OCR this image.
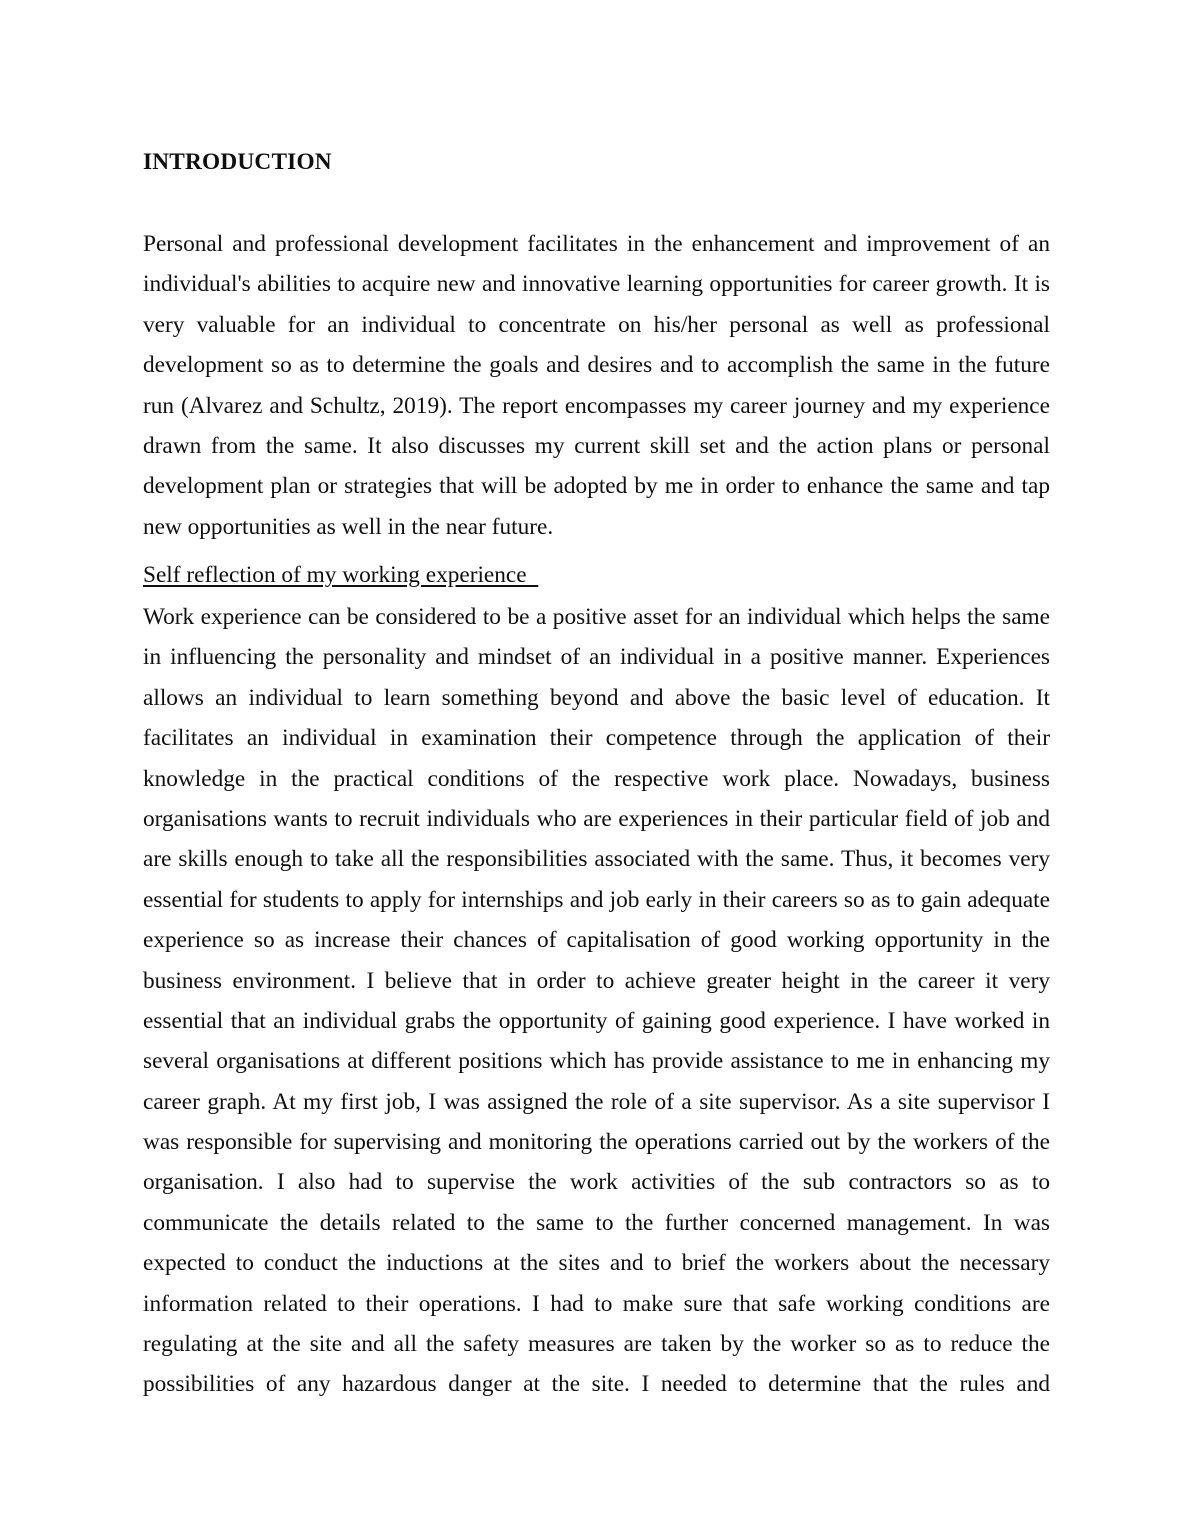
INTRODUCTION
Personal and professional development facilitates in the enhancement and improvement of an
individual's abilities to acquire new and innovative learning opportunities for career growth. It is
very valuable for an individual to concentrate on his/her personal as well as professional
development so as to determine the goals and desires and to accomplish the same in the future
run (Alvarez and Schultz, 2019). The report encompasses my career journey and my experience
drawn from the same. It also discusses my current skill set and the action plans or personal
development plan or strategies that will be adopted by me in order to enhance the same and tap
new opportunities as well in the near future.
Self reflection of my working experience
Work experience can be considered to be a positive asset for an individual which helps the same
in influencing the personality and mindset of an individual in a positive manner. Experiences
allows an individual to learn something beyond and above the basic level of education. It
facilitates an individual in examination their competence through the application of their
knowledge in the practical conditions of the respective work place. Nowadays, business
organisations wants to recruit individuals who are experiences in their particular field of job and
are skills enough to take all the responsibilities associated with the same. Thus, it becomes very
essential for students to apply for internships and job early in their careers so as to gain adequate
experience so as increase their chances of capitalisation of good working opportunity in the
business environment. I believe that in order to achieve greater height in the career it very
essential that an individual grabs the opportunity of gaining good experience. I have worked in
several organisations at different positions which has provide assistance to me in enhancing my
career graph. At my first job, I was assigned the role of a site supervisor. As a site supervisor I
was responsible for supervising and monitoring the operations carried out by the workers of the
organisation. I also had to supervise the work activities of the sub contractors so as to
communicate the details related to the same to the further concerned management. In was
expected to conduct the inductions at the sites and to brief the workers about the necessary
information related to their operations. I had to make sure that safe working conditions are
regulating at the site and all the safety measures are taken by the worker so as to reduce the
possibilities of any hazardous danger at the site. I needed to determine that the rules and
